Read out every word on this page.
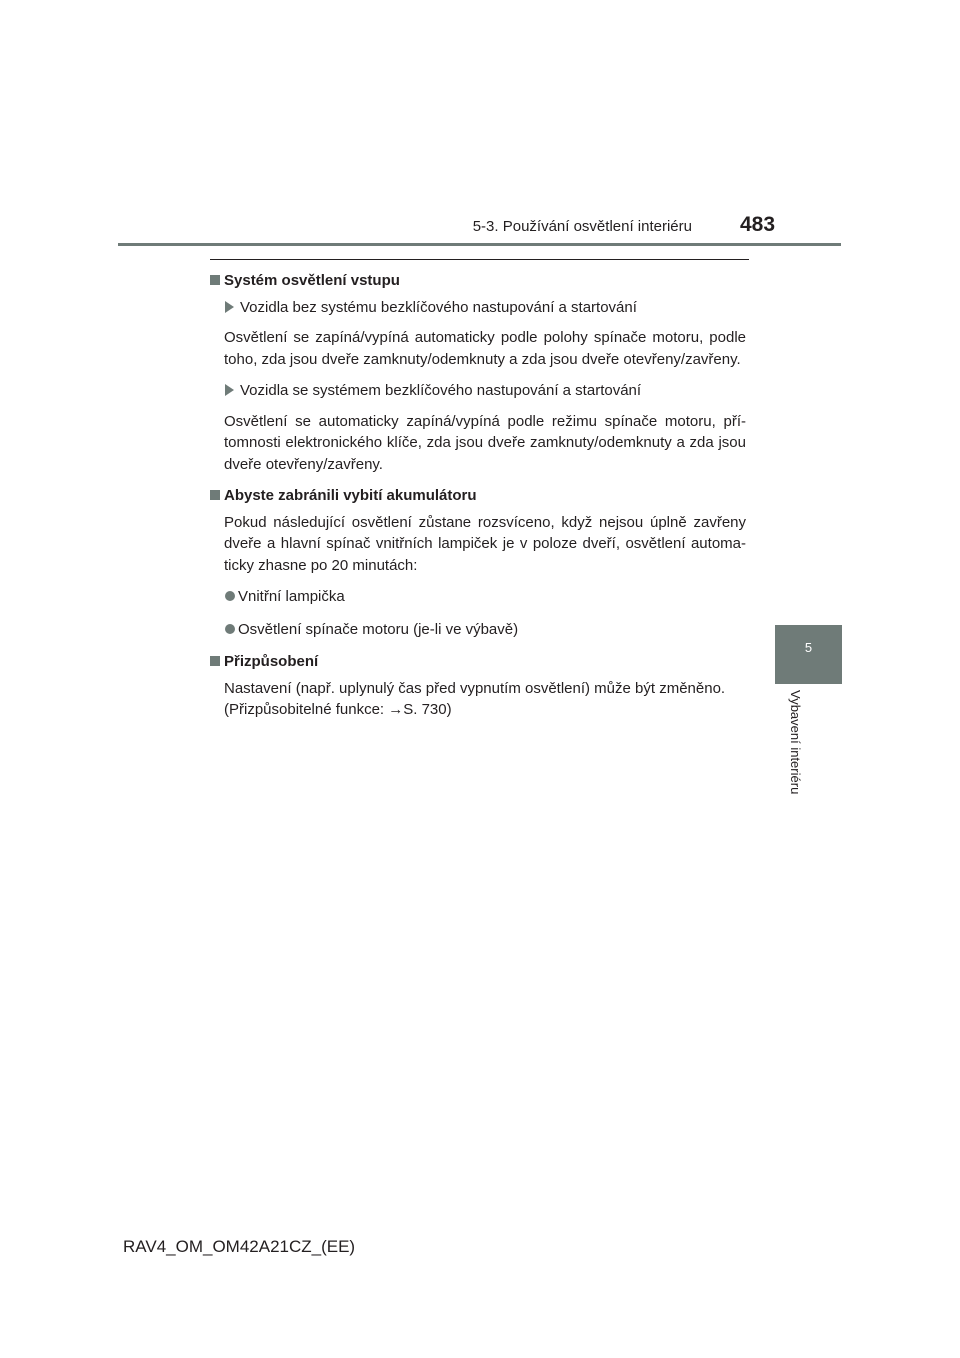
5-3. Používání osvětlení interiéru 483
5
Vybavení interiéru
Systém osvětlení vstupu
Vozidla bez systému bezklíčového nastupování a startování

Osvětlení se zapíná/vypíná automaticky podle polohy spínače motoru, podle toho, zda jsou dveře zamknuty/odemknuty a zda jsou dveře otevřeny/zavřeny.

Vozidla se systémem bezklíčového nastupování a startování

Osvětlení se automaticky zapíná/vypíná podle režimu spínače motoru, pří- tomnosti elektronického klíče, zda jsou dveře zamknuty/odemknuty a zda jsou dveře otevřeny/zavřeny.

Abyste zabránili vybití akumulátoru

Pokud následující osvětlení zůstane rozsvíceno, když nejsou úplně zavřeny dveře a hlavní spínač vnitřních lampiček je v poloze dveří, osvětlení automa- ticky zhasne po 20 minutách:

Vnitřní lampička
Osvětlení spínače motoru (je-li ve výbavě)
Přizpůsobení

Nastavení (např. uplynulý čas před vypnutím osvětlení) může být změněno.
(Přizpůsobitelné funkce: →S. 730)

RAV4_OM_OM42A21CZ_(EE)
